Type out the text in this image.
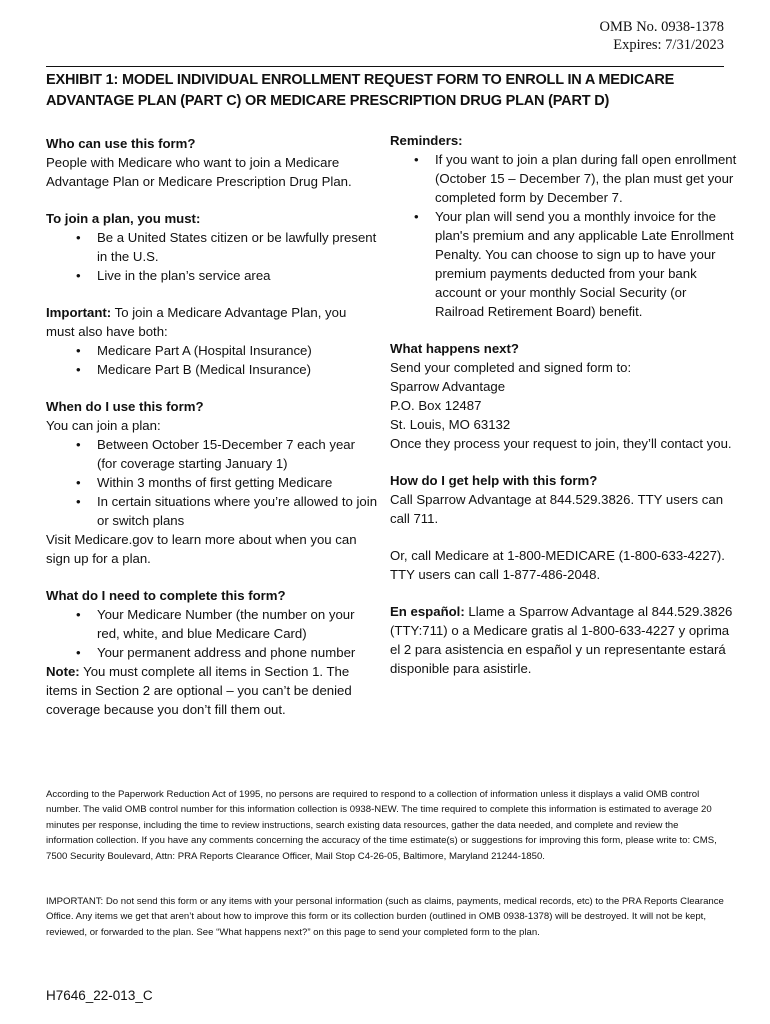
OMB No. 0938-1378
Expires: 7/31/2023

EXHIBIT 1: MODEL INDIVIDUAL ENROLLMENT REQUEST FORM TO ENROLL IN A MEDICARE

ADVANTAGE PLAN (PART C) OR MEDICARE PRESCRIPTION DRUG PLAN (PART D)

Who can use this form?

People with Medicare who want to join a Medicare Advantage Plan or Medicare Prescription Drug Plan.

To join a plan, you must:

• Be a United States citizen or be lawfully present in the U.S.
• Live in the plan’s service area

Important: To join a Medicare Advantage Plan, you must also have both:

• Medicare Part A (Hospital Insurance)
• Medicare Part B (Medical Insurance)

When do I use this form?

You can join a plan:

• Between October 15-December 7 each year (for coverage starting January 1)
• Within 3 months of first getting Medicare
• In certain situations where you’re allowed to join or switch plans

Visit Medicare.gov to learn more about when you can sign up for a plan.

What do I need to complete this form?

• Your Medicare Number (the number on your red, white, and blue Medicare Card)
• Your permanent address and phone number

Note: You must complete all items in Section 1. The items in Section 2 are optional – you can’t be denied coverage because you don’t fill them out.

Reminders:

• If you want to join a plan during fall open enrollment (October 15 – December 7), the plan must get your completed form by December 7.
• Your plan will send you a monthly invoice for the plan's premium and any applicable Late Enrollment Penalty. You can choose to sign up to have your premium payments deducted from your bank account or your monthly Social Security (or Railroad Retirement Board) benefit.

What happens next?

Send your completed and signed form to:

Sparrow Advantage

P.O. Box 12487

St. Louis, MO 63132

Once they process your request to join, they’ll contact you.

How do I get help with this form?

Call Sparrow Advantage at 844.529.3826. TTY users can call 711.

Or, call Medicare at 1-800-MEDICARE (1-800-633-4227). TTY users can call 1-877-486-2048.

En español: Llame a Sparrow Advantage al 844.529.3826 (TTY:711) o a Medicare gratis al 1-800-633-4227 y oprima el 2 para asistencia en español y un representante estará disponible para asistirle.

According to the Paperwork Reduction Act of 1995, no persons are required to respond to a collection of information unless it displays a valid OMB control number. The valid OMB control number for this information collection is 0938-NEW. The time required to complete this information is estimated to average 20 minutes per response, including the time to review instructions, search existing data resources, gather the data needed, and complete and review the information collection. If you have any comments concerning the accuracy of the time estimate(s) or suggestions for improving this form, please write to: CMS, 7500 Security Boulevard, Attn: PRA Reports Clearance Officer, Mail Stop C4-26-05, Baltimore, Maryland 21244-1850.

IMPORTANT: Do not send this form or any items with your personal information (such as claims, payments, medical records, etc) to the PRA Reports Clearance Office. Any items we get that aren’t about how to improve this form or its collection burden (outlined in OMB 0938-1378) will be destroyed. It will not be kept, reviewed, or forwarded to the plan. See “What happens next?” on this page to send your completed form to the plan.

H7646_22-013_C
